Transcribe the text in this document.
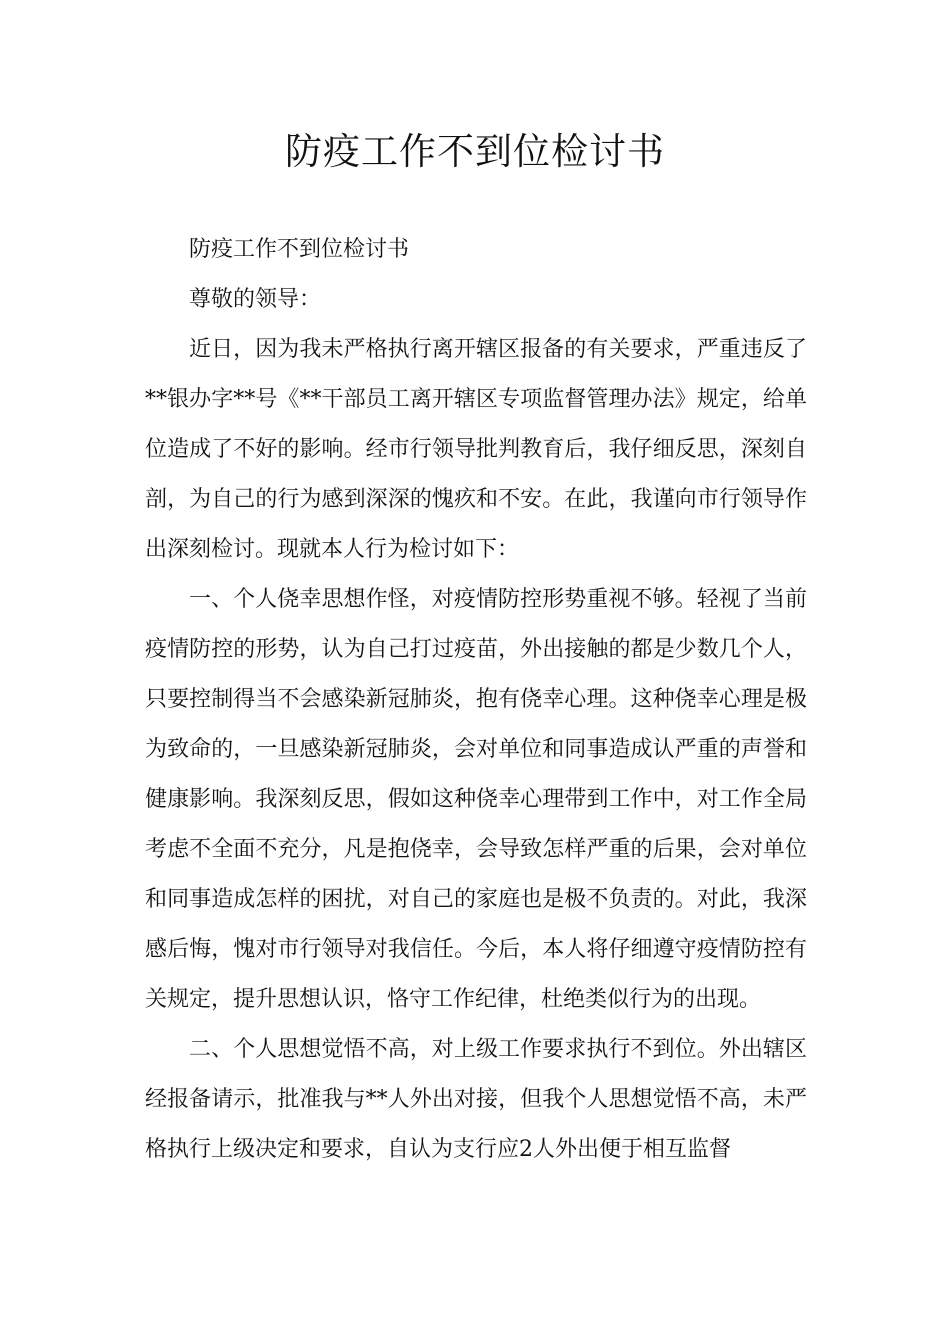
防疫工作不到位检讨书

防疫工作不到位检讨书

尊敬的领导：

近日，因为我未严格执行离开辖区报备的有关要求，严重违反了**银办字**号《**干部员工离开辖区专项监督管理办法》规定，给单位造成了不好的影响。经市行领导批判教育后，我仔细反思，深刻自剖，为自己的行为感到深深的愧疚和不安。在此，我谨向市行领导作出深刻检讨。现就本人行为检讨如下：

一、个人侥幸思想作怪，对疫情防控形势重视不够。轻视了当前疫情防控的形势，认为自己打过疫苗，外出接触的都是少数几个人，只要控制得当不会感染新冠肺炎，抱有侥幸心理。这种侥幸心理是极为致命的，一旦感染新冠肺炎，会对单位和同事造成认严重的声誉和健康影响。我深刻反思，假如这种侥幸心理带到工作中，对工作全局考虑不全面不充分，凡是抱侥幸，会导致怎样严重的后果，会对单位和同事造成怎样的困扰，对自己的家庭也是极不负责的。对此，我深感后悔，愧对市行领导对我信任。今后，本人将仔细遵守疫情防控有关规定，提升思想认识，恪守工作纪律，杜绝类似行为的出现。

二、个人思想觉悟不高，对上级工作要求执行不到位。外出辖区经报备请示，批准我与**人外出对接，但我个人思想觉悟不高，未严格执行上级决定和要求，自认为支行应2人外出便于相互监督
